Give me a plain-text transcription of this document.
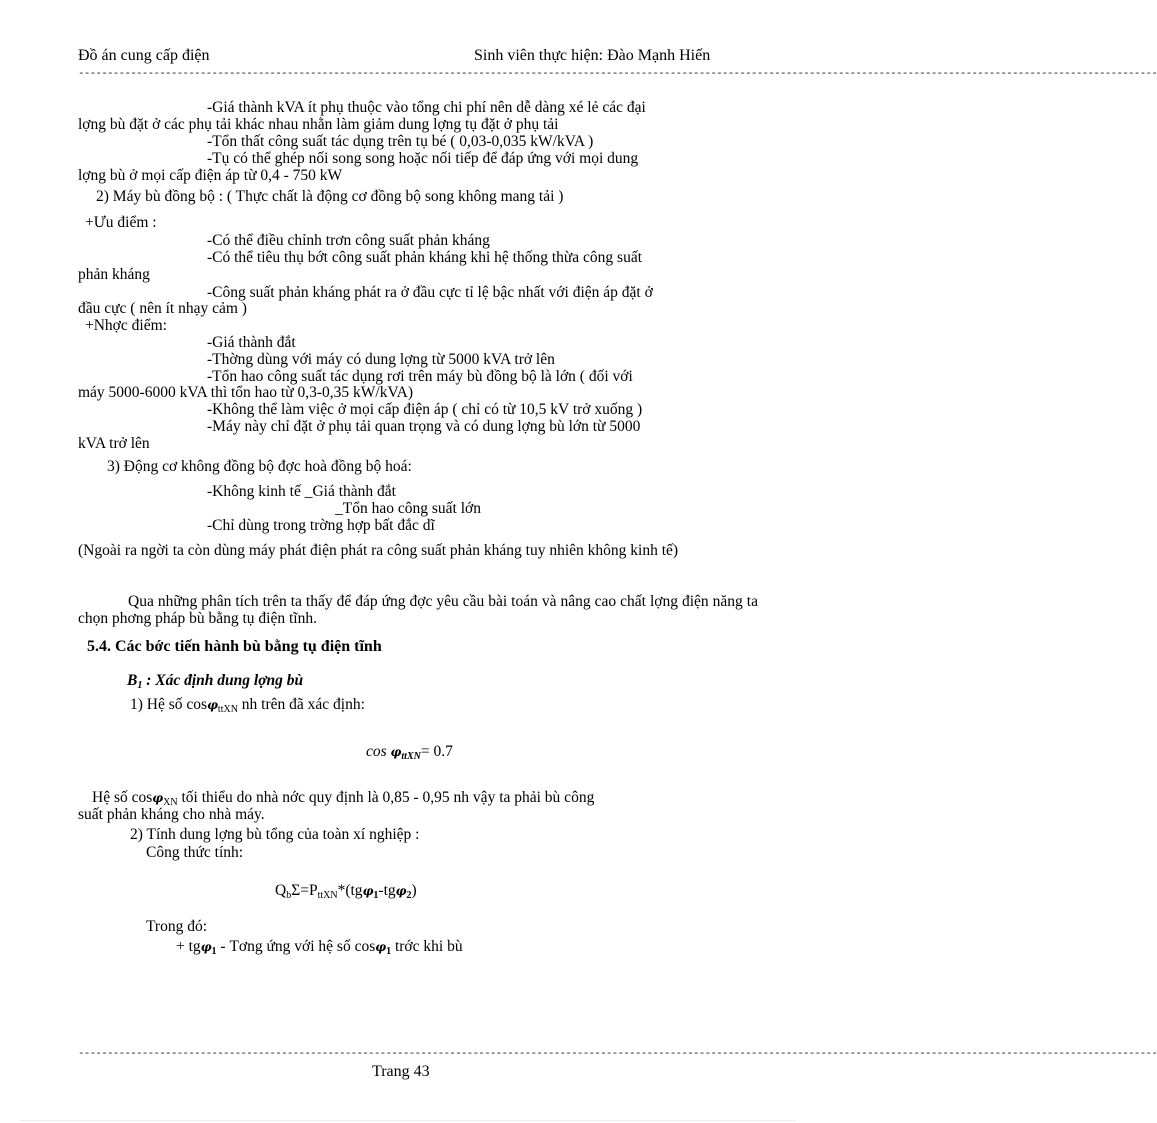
Đồ án cung cấp điện	Sinh viên thực hiện: Đào Mạnh Hiến
------------------------------------------------------------------------------------------------------------------------------------------------------------------------------------------
-Giá thành kVA ít phụ thuộc vào tổng chi phí nên dễ dàng xé lẻ các đại
lợng bù đặt ở các phụ tải khác nhau nhằn làm giảm dung lợng tụ đặt ở phụ tải
-Tổn thất công suất tác dụng trên tụ bé ( 0,03-0,035 kW/kVA )
-Tụ có thể ghép nối song song hoặc nối tiếp để đáp ứng với mọi dung
lợng bù ở mọi cấp điện áp từ 0,4 - 750 kW
2) Máy bù đồng bộ : ( Thực chất là động cơ đồng bộ song không mang tải )
+Ưu điểm :
-Có thể điều chỉnh trơn công suất phản kháng
-Có thể tiêu thụ bớt công suất phản kháng khi hệ thống thừa công suất
phản kháng
-Công suất phản kháng phát ra ở đầu cực tỉ lệ bậc nhất với điện áp đặt ở
đầu cực ( nên ít nhạy cảm )
+Nhợc điểm:
-Giá thành đắt
-Thờng dùng với máy có dung lợng từ 5000 kVA trở lên
-Tổn hao công suất tác dụng rơi trên máy bù đồng bộ là lớn ( đối với
máy 5000-6000 kVA thì tổn hao từ 0,3-0,35 kW/kVA)
-Không thể làm việc ở mọi cấp điện áp ( chỉ có từ 10,5 kV trở xuống )
-Máy này chỉ đặt ở phụ tải quan trọng và có dung lợng bù lớn từ 5000
kVA trở lên
3) Động cơ không đồng bộ đợc hoà đồng bộ hoá:
-Không kinh tế _Giá thành đắt
_Tổn hao công suất lớn
-Chỉ dùng trong trờng hợp bất đắc dĩ
(Ngoài ra ngời ta còn dùng máy phát điện phát ra công suất phản kháng tuy nhiên không kinh tế)
Qua những phân tích trên ta thấy để đáp ứng đợc yêu cầu bài toán và nâng cao chất lợng điện năng ta chọn phơng pháp bù bằng tụ điện tĩnh.
5.4. Các bớc tiến hành bù bằng tụ điện tĩnh
$B_1$ : Xác định dung lợng bù
1) Hệ số cosφ$_{ttXN}$ nh trên đã xác định:
$\cos \varphi_{ttXN}= 0.7$
Hệ số cosφ$_{XN}$ tối thiểu do nhà nớc quy định là 0,85 - 0,95 nh vậy ta phải bù công
suất phản kháng cho nhà máy.
2) Tính dung lợng bù tổng của toàn xí nghiệp :
Công thức tính:
$Q_b\Sigma=P_{ttXN}*(tg\varphi_1-tg\varphi_2)$
Trong đó:
+ tgφ$_1$ - Tơng ứng với hệ số cosφ$_1$ trớc khi bù
------------------------------------------------------------------------------------------------------------------------------------------------------------------------------------------
Trang 43
